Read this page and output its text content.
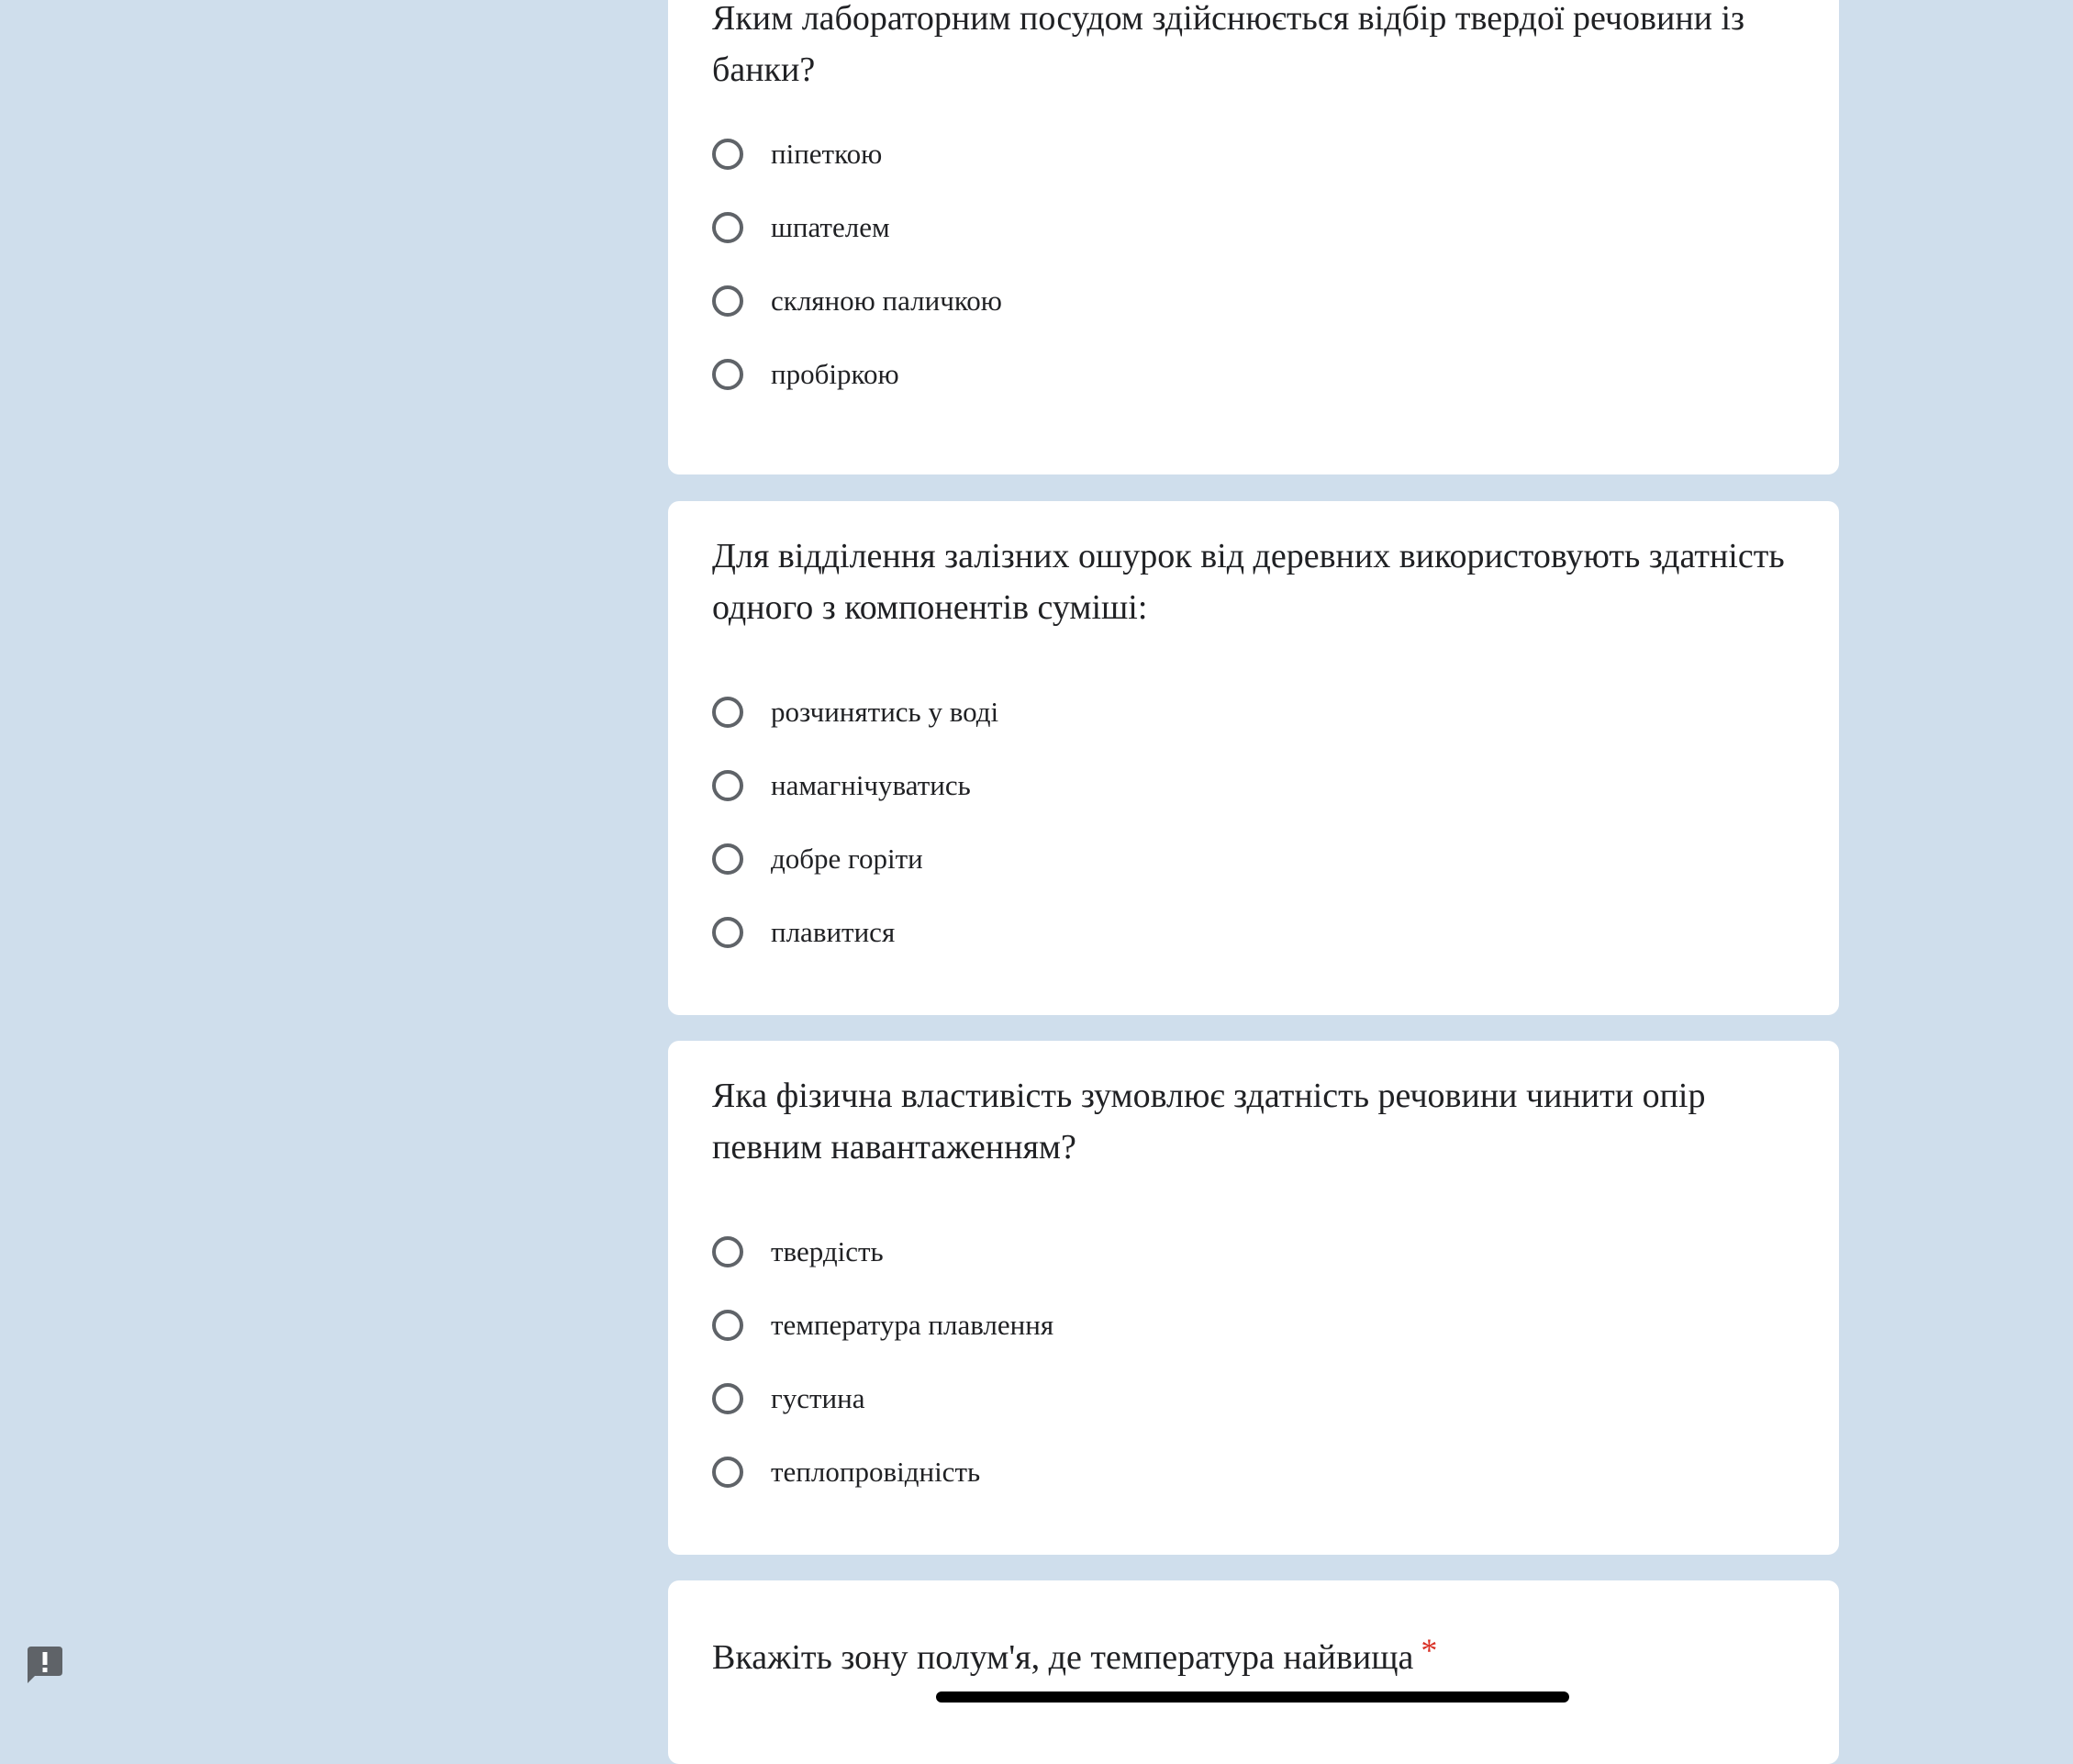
Яким лабораторним посудом здійснюється відбір твердої речовини із банки?
піпеткою
шпателем
скляною паличкою
пробіркою
Для відділення залізних ошурок від деревних використовують здатність одного з компонентів суміші:
розчинятись у воді
намагнічуватись
добре горіти
плавитися
Яка фізична властивість зумовлює здатність речовини чинити опір певним навантаженням?
твердість
температура плавлення
густина
теплопровідність
Вкажіть зону полум'я, де температура найвища *
